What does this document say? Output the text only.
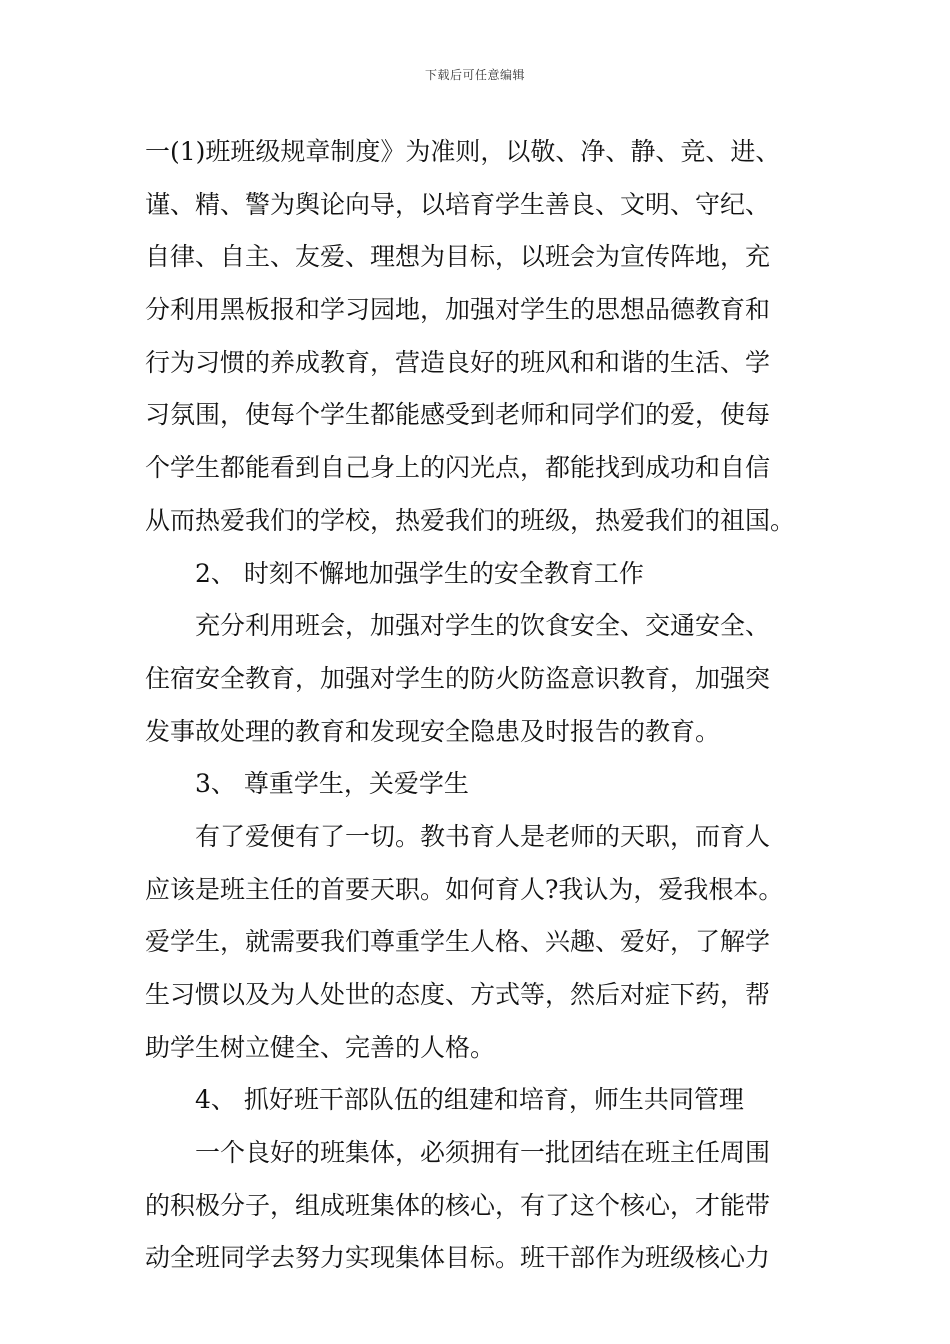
下载后可任意编辑
一(1)班班级规章制度》为准则，以敬、净、静、竞、进、
谨、精、警为舆论向导，以培育学生善良、文明、守纪、
自律、自主、友爱、理想为目标，以班会为宣传阵地，充
分利用黑板报和学习园地，加强对学生的思想品德教育和
行为习惯的养成教育，营造良好的班风和和谐的生活、学
习氛围，使每个学生都能感受到老师和同学们的爱，使每
个学生都能看到自己身上的闪光点，都能找到成功和自信
从而热爱我们的学校，热爱我们的班级，热爱我们的祖国。
2、 时刻不懈地加强学生的安全教育工作
充分利用班会，加强对学生的饮食安全、交通安全、
住宿安全教育，加强对学生的防火防盗意识教育，加强突
发事故处理的教育和发现安全隐患及时报告的教育。
3、 尊重学生，关爱学生
有了爱便有了一切。教书育人是老师的天职，而育人
应该是班主任的首要天职。如何育人?我认为，爱我根本。
爱学生，就需要我们尊重学生人格、兴趣、爱好，了解学
生习惯以及为人处世的态度、方式等，然后对症下药，帮
助学生树立健全、完善的人格。
4、 抓好班干部队伍的组建和培育，师生共同管理
一个良好的班集体，必须拥有一批团结在班主任周围
的积极分子，组成班集体的核心，有了这个核心，才能带
动全班同学去努力实现集体目标。班干部作为班级核心力
